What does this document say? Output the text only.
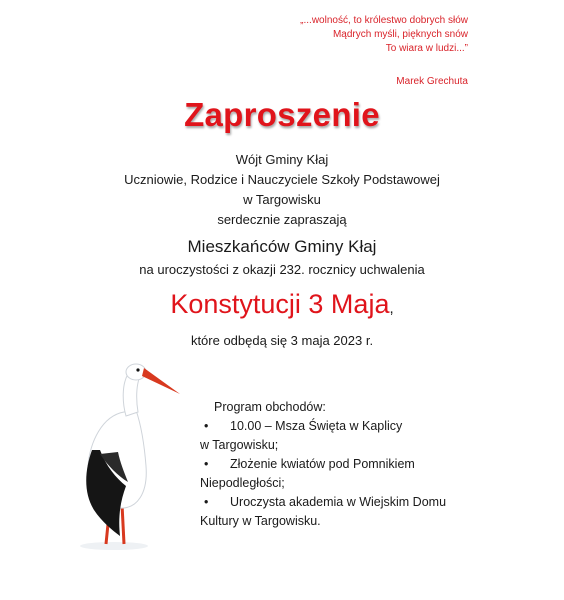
„...wolność, to królestwo dobrych słów
Mądrych myśli, pięknych snów
To wiara w ludzi...”
Marek Grechuta
Zaproszenie
Wójt Gminy Kłaj
Uczniowie, Rodzice i Nauczyciele Szkoły Podstawowej
w Targowisku
serdecznie zapraszają
Mieszkańców Gminy Kłaj
na uroczystości z okazji 232. rocznicy uchwalenia
Konstytucji 3 Maja,
które odbędą się 3 maja 2023 r.
Program obchodów:
• 10.00 – Msza Święta w Kaplicy
w Targowisku;
• Złożenie kwiatów pod Pomnikiem
Niepodległości;
• Uroczysta akademia w Wiejskim Domu
Kultury w Targowisku.
